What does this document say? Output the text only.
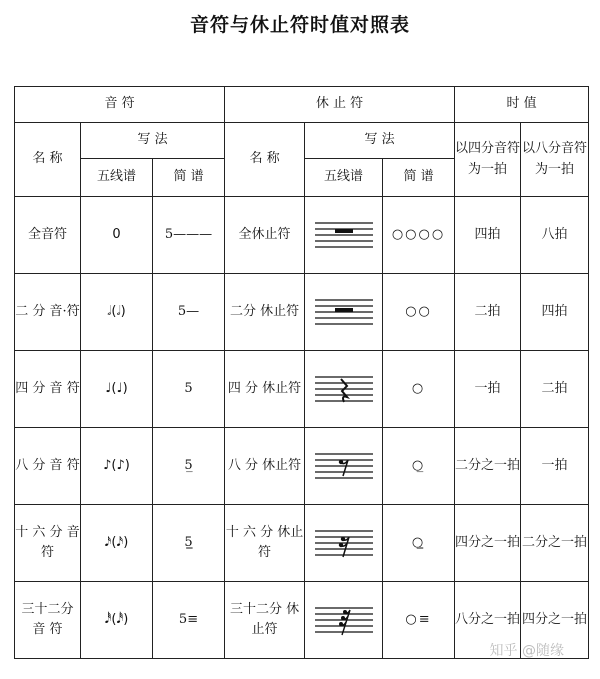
音符与休止符时值对照表
音 符			休 止 符			时 值	
名 称	写 法		名 称	写 法		以四分音符为一拍	以八分音符为一拍
	五线谱	简 谱		五线谱	简 谱		
全音符	0	5———	全休止符		○○○○	四拍	八拍
二 分 音·符	𝅗𝅥(𝅗𝅥)	5—	二分 休止符		○○	二拍	四拍
四 分 音 符	♩(♩)	5	四 分 休止符		○	一拍	二拍
八 分 音 符	♪(♪)	5̲	八 分 休止符		○̲	二分之一拍	一拍
十 六 分 音 符	𝅘𝅥𝅯(𝅘𝅥𝅯)	5̳	十 六 分 休止符		○̳	四分之一拍	二分之一拍
三十二分 音 符	𝅘𝅥𝅰(𝅘𝅥𝅰)	5≡	三十二分 休止符		○≡	八分之一拍	四分之一拍
知乎 @随缘
